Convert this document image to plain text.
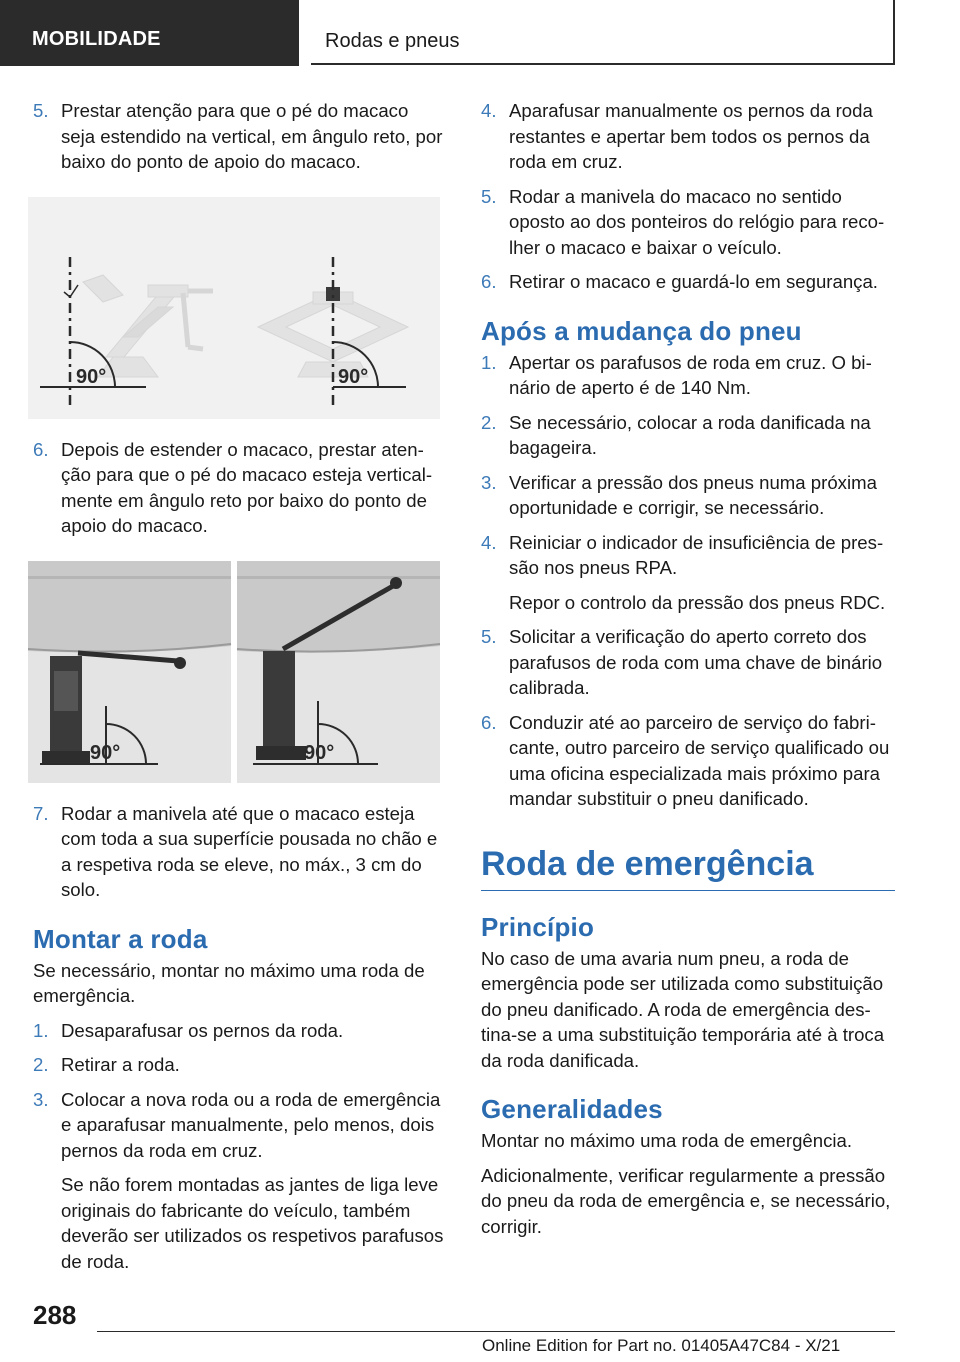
MOBILIDADE	Rodas e pneus
5. Prestar atenção para que o pé do macaco seja estendido na vertical, em ângulo reto, por baixo do ponto de apoio do macaco.
90°	90°
6. Depois de estender o macaco, prestar atenção para que o pé do macaco esteja verticalmente em ângulo reto por baixo do ponto de apoio do macaco.
90°	90°
7. Rodar a manivela até que o macaco esteja com toda a sua superfície pousada no chão e a respetiva roda se eleve, no máx., 3 cm do solo.
Montar a roda

Se necessário, montar no máximo uma roda de emergência.

1. Desaparafusar os pernos da roda.
2. Retirar a roda.
3. Colocar a nova roda ou a roda de emergência e aparafusar manualmente, pelo menos, dois pernos da roda em cruz.
Se não forem montadas as jantes de liga leve originais do fabricante do veículo, também deverão ser utilizados os respetivos parafusos de roda.
4. Aparafusar manualmente os pernos da roda restantes e apertar bem todos os pernos da roda em cruz.
5. Rodar a manivela do macaco no sentido oposto ao dos ponteiros do relógio para recolher o macaco e baixar o veículo.
6. Retirar o macaco e guardá-lo em segurança.
Após a mudança do pneu
1. Apertar os parafusos de roda em cruz. O binário de aperto é de 140 Nm.
2. Se necessário, colocar a roda danificada na bagageira.
3. Verificar a pressão dos pneus numa próxima oportunidade e corrigir, se necessário.
4. Reiniciar o indicador de insuficiência de pressão nos pneus RPA.
Repor o controlo da pressão dos pneus RDC.
5. Solicitar a verificação do aperto correto dos parafusos de roda com uma chave de binário calibrada.
6. Conduzir até ao parceiro de serviço do fabricante, outro parceiro de serviço qualificado ou uma oficina especializada mais próximo para mandar substituir o pneu danificado.
Roda de emergência
Princípio

No caso de uma avaria num pneu, a roda de emergência pode ser utilizada como substituição do pneu danificado. A roda de emergência destina-se a uma substituição temporária até à troca da roda danificada.

Generalidades

Montar no máximo uma roda de emergência.

Adicionalmente, verificar regularmente a pressão do pneu da roda de emergência e, se necessário, corrigir.

288
Online Edition for Part no. 01405A47C84 - X/21
